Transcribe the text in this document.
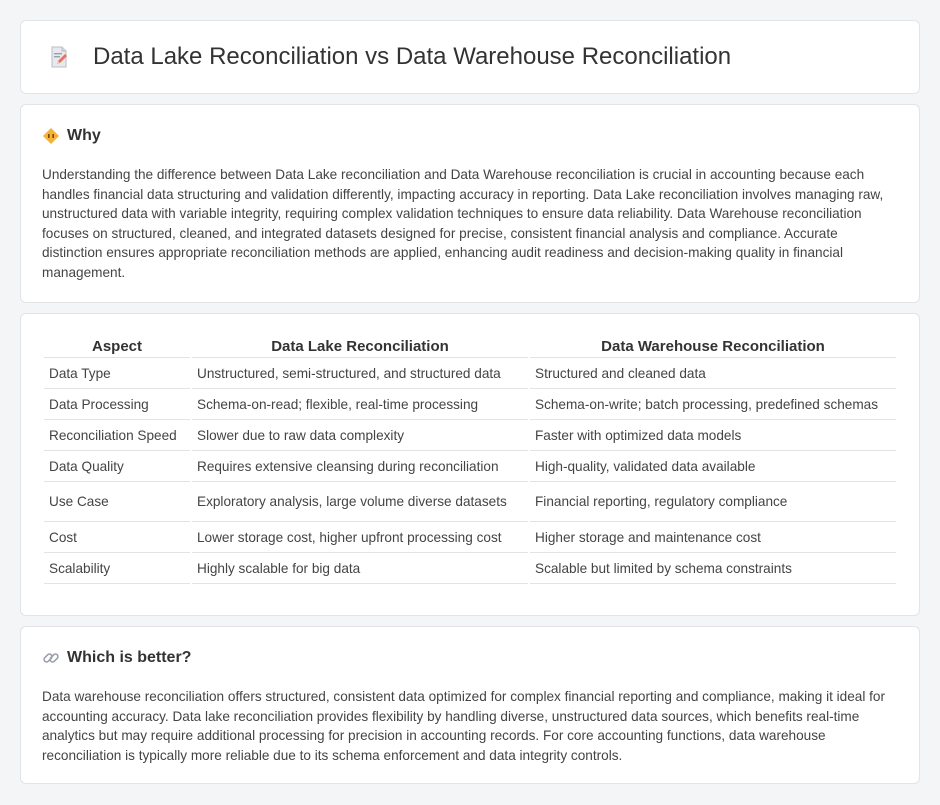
Data Lake Reconciliation vs Data Warehouse Reconciliation
Why

Understanding the difference between Data Lake reconciliation and Data Warehouse reconciliation is crucial in accounting because each handles financial data structuring and validation differently, impacting accuracy in reporting. Data Lake reconciliation involves managing raw, unstructured data with variable integrity, requiring complex validation techniques to ensure data reliability. Data Warehouse reconciliation focuses on structured, cleaned, and integrated datasets designed for precise, consistent financial analysis and compliance. Accurate distinction ensures appropriate reconciliation methods are applied, enhancing audit readiness and decision-making quality in financial management.

Aspect	Data Lake Reconciliation	Data Warehouse Reconciliation
Data Type	Unstructured, semi-structured, and structured data	Structured and cleaned data
Data Processing	Schema-on-read; flexible, real-time processing	Schema-on-write; batch processing, predefined schemas
Reconciliation Speed	Slower due to raw data complexity	Faster with optimized data models
Data Quality	Requires extensive cleansing during reconciliation	High-quality, validated data available
Use Case	Exploratory analysis, large volume diverse datasets	Financial reporting, regulatory compliance
Cost	Lower storage cost, higher upfront processing cost	Higher storage and maintenance cost
Scalability	Highly scalable for big data	Scalable but limited by schema constraints
Which is better?

Data warehouse reconciliation offers structured, consistent data optimized for complex financial reporting and compliance, making it ideal for accounting accuracy. Data lake reconciliation provides flexibility by handling diverse, unstructured data sources, which benefits real-time analytics but may require additional processing for precision in accounting records. For core accounting functions, data warehouse reconciliation is typically more reliable due to its schema enforcement and data integrity controls.
